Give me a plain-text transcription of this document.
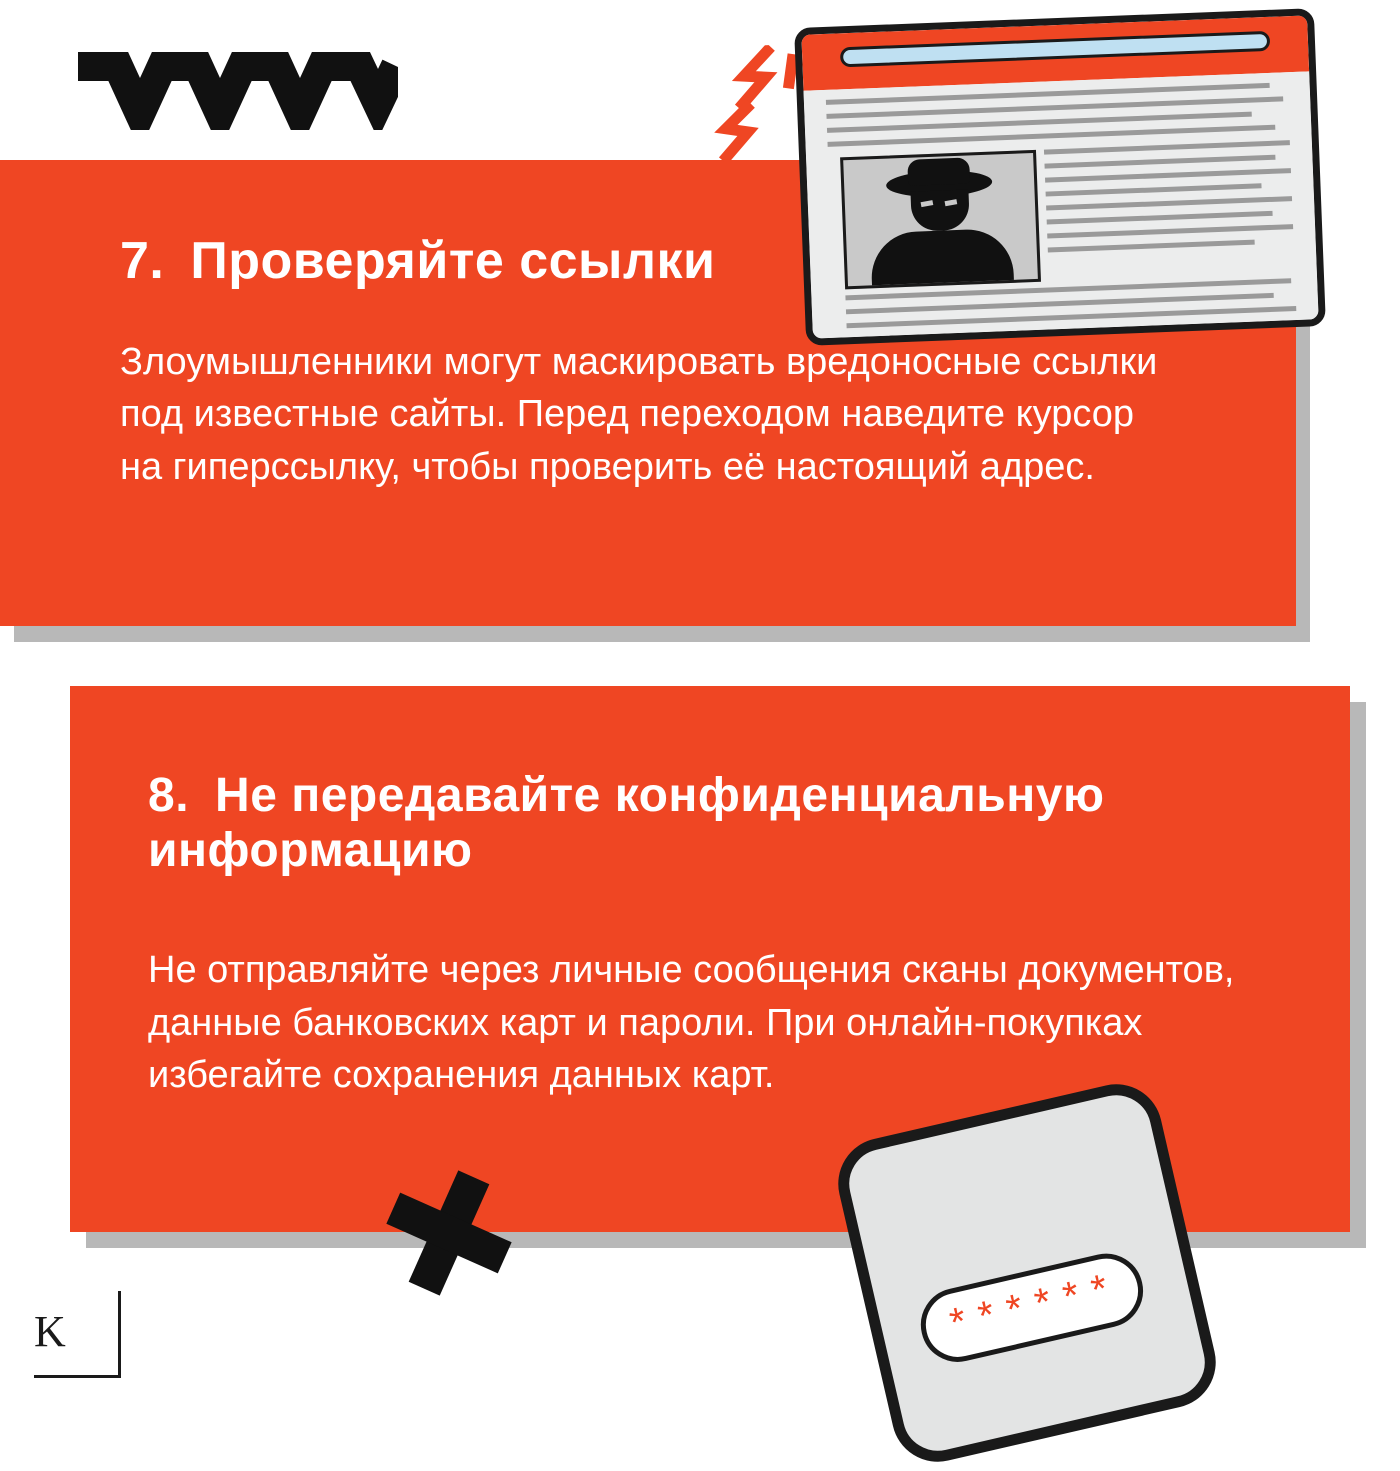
7. Проверяйте ссылки

Злоумышленники могут маскировать вредоносные ссылки под известные сайты. Перед переходом наведите курсор на гиперссылку, чтобы проверить её настоящий адрес.

8. Не передавайте конфиденциальную информацию

Не отправляйте через личные сообщения сканы документов, данные банковских карт и пароли. При онлайн-покупках избегайте сохранения данных карт.

******
K
